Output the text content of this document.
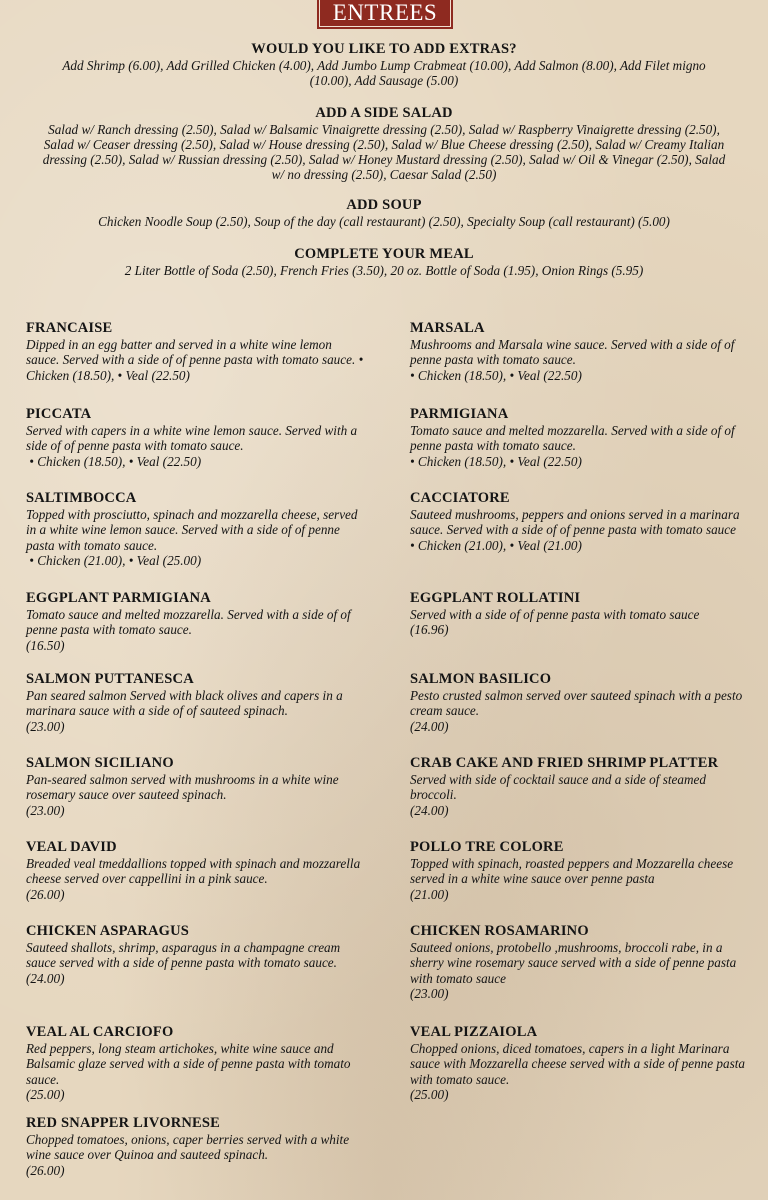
ENTREES
WOULD YOU LIKE TO ADD EXTRAS?
Add Shrimp (6.00), Add Grilled Chicken (4.00), Add Jumbo Lump Crabmeat (10.00), Add Salmon (8.00), Add Filet migno (10.00), Add Sausage (5.00)
ADD A SIDE SALAD
Salad w/ Ranch dressing (2.50), Salad w/ Balsamic Vinaigrette dressing (2.50), Salad w/ Raspberry Vinaigrette dressing (2.50), Salad w/ Ceaser dressing (2.50), Salad w/ House dressing (2.50), Salad w/ Blue Cheese dressing (2.50), Salad w/ Creamy Italian dressing (2.50), Salad w/ Russian dressing (2.50), Salad w/ Honey Mustard dressing (2.50), Salad w/ Oil & Vinegar (2.50), Salad w/ no dressing (2.50), Caesar Salad (2.50)
ADD SOUP
Chicken Noodle Soup (2.50), Soup of the day (call restaurant) (2.50), Specialty Soup (call restaurant) (5.00)
COMPLETE YOUR MEAL
2 Liter Bottle of Soda (2.50), French Fries (3.50), 20 oz. Bottle of Soda (1.95), Onion Rings (5.95)
FRANCAISE
Dipped in an egg batter and served in a white wine lemon sauce. Served with a side of of penne pasta with tomato sauce. • Chicken (18.50), • Veal (22.50)
PICCATA
Served with capers in a white wine lemon sauce. Served with a side of of penne pasta with tomato sauce.
• Chicken (18.50), • Veal (22.50)
SALTIMBOCCA
Topped with prosciutto, spinach and mozzarella cheese, served in a white wine lemon sauce. Served with a side of of penne pasta with tomato sauce.
• Chicken (21.00), • Veal (25.00)
EGGPLANT PARMIGIANA
Tomato sauce and melted mozzarella. Served with a side of of penne pasta with tomato sauce.
(16.50)
SALMON PUTTANESCA
Pan seared salmon Served with black olives and capers in a marinara sauce with a side of of sauteed spinach.
(23.00)
SALMON SICILIANO
Pan-seared salmon served with mushrooms in a white wine rosemary sauce over sauteed spinach.
(23.00)
VEAL DAVID
Breaded veal tmeddallions topped with spinach and mozzarella cheese served over cappellini in a pink sauce.
(26.00)
CHICKEN ASPARAGUS
Sauteed shallots, shrimp, asparagus in a champagne cream sauce served with a side of penne pasta with tomato sauce.
(24.00)
VEAL AL CARCIOFO
Red peppers, long steam artichokes, white wine sauce and Balsamic glaze served with a side of penne pasta with tomato sauce.
(25.00)
RED SNAPPER LIVORNESE
Chopped tomatoes, onions, caper berries served with a white wine sauce over Quinoa and sauteed spinach.
(26.00)
MARSALA
Mushrooms and Marsala wine sauce. Served with a side of of penne pasta with tomato sauce.
• Chicken (18.50), • Veal (22.50)
PARMIGIANA
Tomato sauce and melted mozzarella. Served with a side of of penne pasta with tomato sauce.
• Chicken (18.50), • Veal (22.50)
CACCIATORE
Sauteed mushrooms, peppers and onions served in a marinara sauce. Served with a side of of penne pasta with tomato sauce
• Chicken (21.00), • Veal (21.00)
EGGPLANT ROLLATINI
Served with a side of of penne pasta with tomato sauce
(16.96)
SALMON BASILICO
Pesto crusted salmon served over sauteed spinach with a pesto cream sauce.
(24.00)
CRAB CAKE AND FRIED SHRIMP PLATTER
Served with side of cocktail sauce and a side of steamed broccoli.
(24.00)
POLLO TRE COLORE
Topped with spinach, roasted peppers and Mozzarella cheese served in a white wine sauce over penne pasta
(21.00)
CHICKEN ROSAMARINO
Sauteed onions, protobello ,mushrooms, broccoli rabe, in a sherry wine rosemary sauce served with a side of penne pasta with tomato sauce
(23.00)
VEAL PIZZAIOLA
Chopped onions, diced tomatoes, capers in a light Marinara sauce with Mozzarella cheese served with a side of penne pasta with tomato sauce.
(25.00)
